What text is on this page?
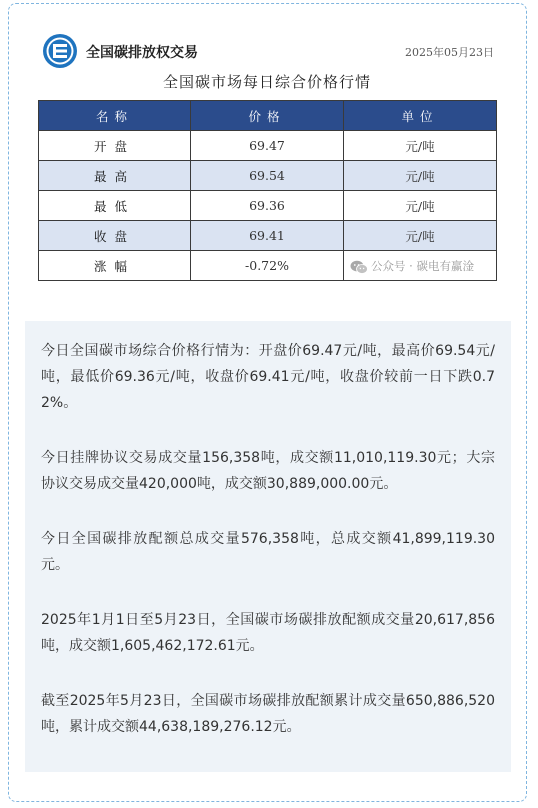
全国碳排放权交易	2025年05月23日
全国碳市场每日综合价格行情
名称	价格	单位
开盘	69.47	元/吨
最高	69.54	元/吨
最低	69.36	元/吨
收盘	69.41	元/吨
涨幅	-0.72%		公众号 · 碳电有赢淦

今日全国碳市场综合价格行情为：开盘价69.47元/吨，最高价69.54元/吨，最低价69.36元/吨，收盘价69.41元/吨，收盘价较前一日下跌0.72%。

今日挂牌协议交易成交量156,358吨，成交额11,010,119.30元；大宗协议交易成交量420,000吨，成交额30,889,000.00元。

今日全国碳排放配额总成交量576,358吨，总成交额41,899,119.30元。

2025年1月1日至5月23日，全国碳市场碳排放配额成交量20,617,856吨，成交额1,605,462,172.61元。

截至2025年5月23日，全国碳市场碳排放配额累计成交量650,886,520吨，累计成交额44,638,189,276.12元。
